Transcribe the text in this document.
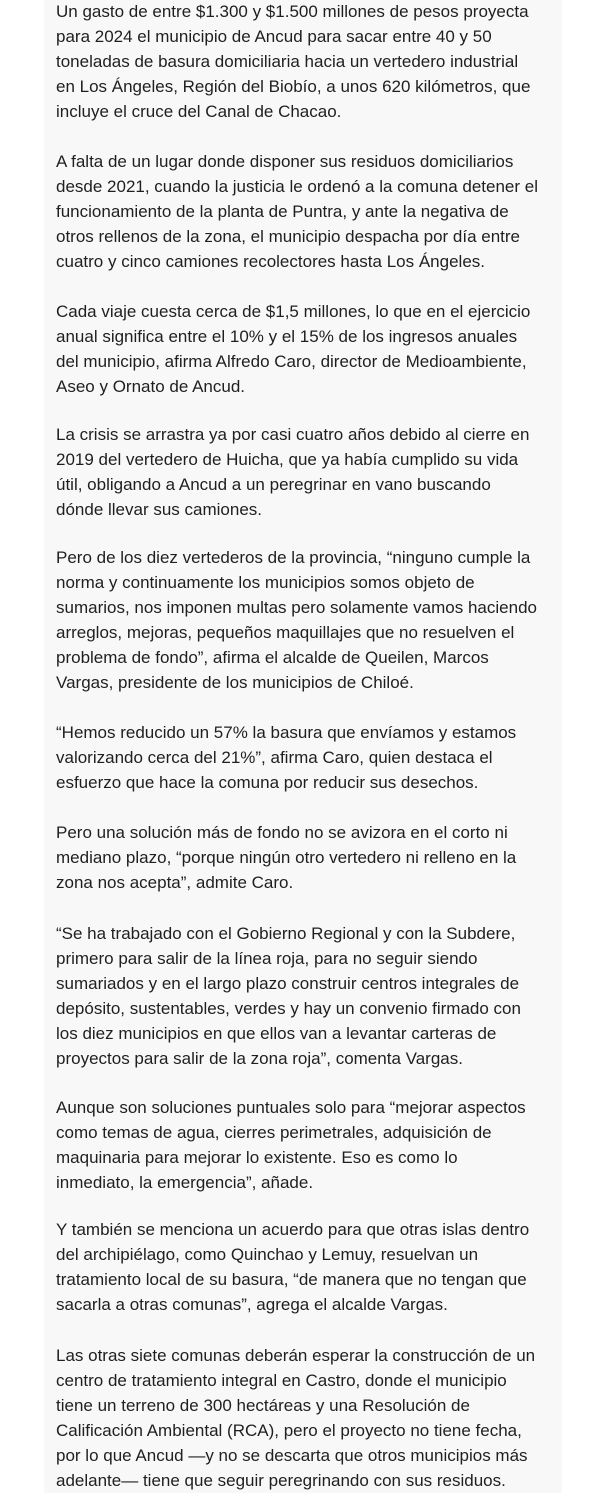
Un gasto de entre $1.300 y $1.500 millones de pesos proyecta
para 2024 el municipio de Ancud para sacar entre 40 y 50
toneladas de basura domiciliaria hacia un vertedero industrial
en Los Ángeles, Región del Biobío, a unos 620 kilómetros, que
incluye el cruce del Canal de Chacao.

A falta de un lugar donde disponer sus residuos domiciliarios
desde 2021, cuando la justicia le ordenó a la comuna detener el
funcionamiento de la planta de Puntra, y ante la negativa de
otros rellenos de la zona, el municipio despacha por día entre
cuatro y cinco camiones recolectores hasta Los Ángeles.

Cada viaje cuesta cerca de $1,5 millones, lo que en el ejercicio
anual significa entre el 10% y el 15% de los ingresos anuales
del municipio, afirma Alfredo Caro, director de Medioambiente,
Aseo y Ornato de Ancud.

La crisis se arrastra ya por casi cuatro años debido al cierre en
2019 del vertedero de Huicha, que ya había cumplido su vida
útil, obligando a Ancud a un peregrinar en vano buscando
dónde llevar sus camiones.

Pero de los diez vertederos de la provincia, “ninguno cumple la
norma y continuamente los municipios somos objeto de
sumarios, nos imponen multas pero solamente vamos haciendo
arreglos, mejoras, pequeños maquillajes que no resuelven el
problema de fondo”, afirma el alcalde de Queilen, Marcos
Vargas, presidente de los municipios de Chiloé.

“Hemos reducido un 57% la basura que envíamos y estamos
valorizando cerca del 21%”, afirma Caro, quien destaca el
esfuerzo que hace la comuna por reducir sus desechos.

Pero una solución más de fondo no se avizora en el corto ni
mediano plazo, “porque ningún otro vertedero ni relleno en la
zona nos acepta”, admite Caro.

“Se ha trabajado con el Gobierno Regional y con la Subdere,
primero para salir de la línea roja, para no seguir siendo
sumariados y en el largo plazo construir centros integrales de
depósito, sustentables, verdes y hay un convenio firmado con
los diez municipios en que ellos van a levantar carteras de
proyectos para salir de la zona roja”, comenta Vargas.

Aunque son soluciones puntuales solo para “mejorar aspectos
como temas de agua, cierres perimetrales, adquisición de
maquinaria para mejorar lo existente. Eso es como lo
inmediato, la emergencia”, añade.

Y también se menciona un acuerdo para que otras islas dentro
del archipiélago, como Quinchao y Lemuy, resuelvan un
tratamiento local de su basura, “de manera que no tengan que
sacarla a otras comunas”, agrega el alcalde Vargas.

Las otras siete comunas deberán esperar la construcción de un
centro de tratamiento integral en Castro, donde el municipio
tiene un terreno de 300 hectáreas y una Resolución de
Calificación Ambiental (RCA), pero el proyecto no tiene fecha,
por lo que Ancud —y no se descarta que otros municipios más
adelante— tiene que seguir peregrinando con sus residuos.
